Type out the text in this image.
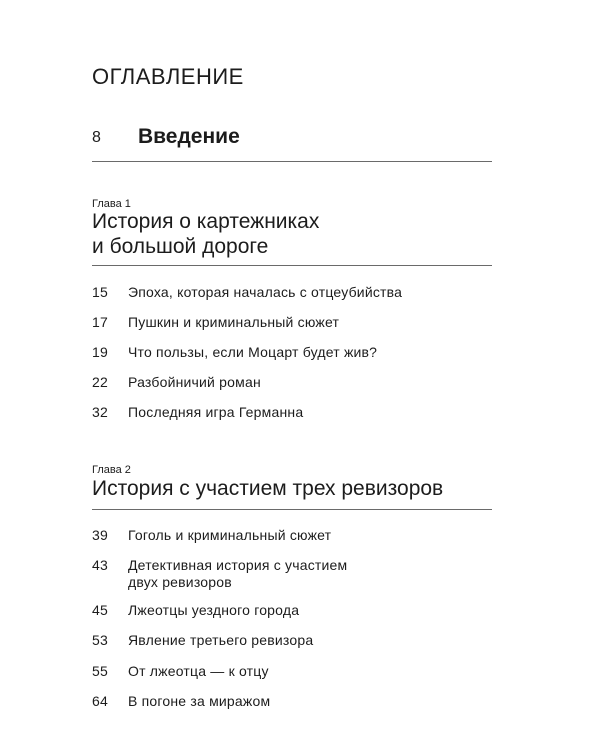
ОГЛАВЛЕНИЕ
8 Введение
Глава 1
История о картежниках
и большой дороге
15	Эпоха, которая началась с отцеубийства
17	Пушкин и криминальный сюжет
19	Что пользы, если Моцарт будет жив?
22	Разбойничий роман
32	Последняя игра Германна
Глава 2
История с участием трех ревизоров
39	Гоголь и криминальный сюжет
43	Детективная история с участием
двух ревизоров
45	Лжеотцы уездного города
53	Явление третьего ревизора
55	От лжеотца — к отцу
64	В погоне за миражом
